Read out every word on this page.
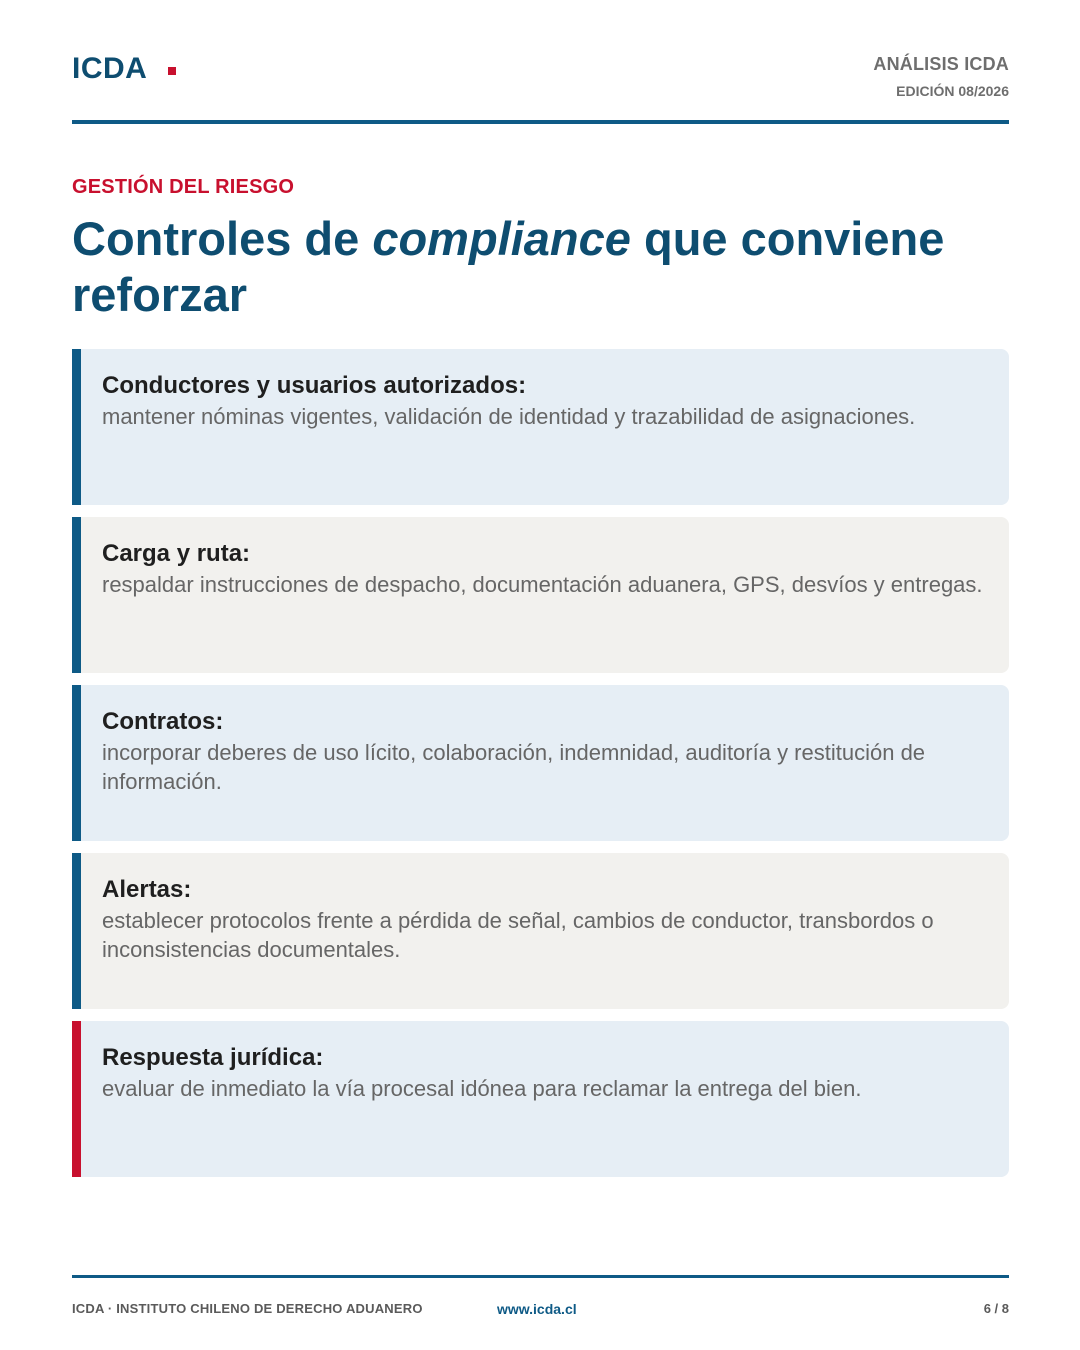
ICDA	ANÁLISIS ICDA
EDICIÓN 08/2026
GESTIÓN DEL RIESGO
Controles de compliance que conviene reforzar
Conductores y usuarios autorizados:
mantener nóminas vigentes, validación de identidad y trazabilidad de asignaciones.
Carga y ruta:
respaldar instrucciones de despacho, documentación aduanera, GPS, desvíos y entregas.
Contratos:
incorporar deberes de uso lícito, colaboración, indemnidad, auditoría y restitución de información.
Alertas:
establecer protocolos frente a pérdida de señal, cambios de conductor, transbordos o inconsistencias documentales.
Respuesta jurídica:
evaluar de inmediato la vía procesal idónea para reclamar la entrega del bien.
ICDA · INSTITUTO CHILENO DE DERECHO ADUANERO	www.icda.cl	6 / 8
